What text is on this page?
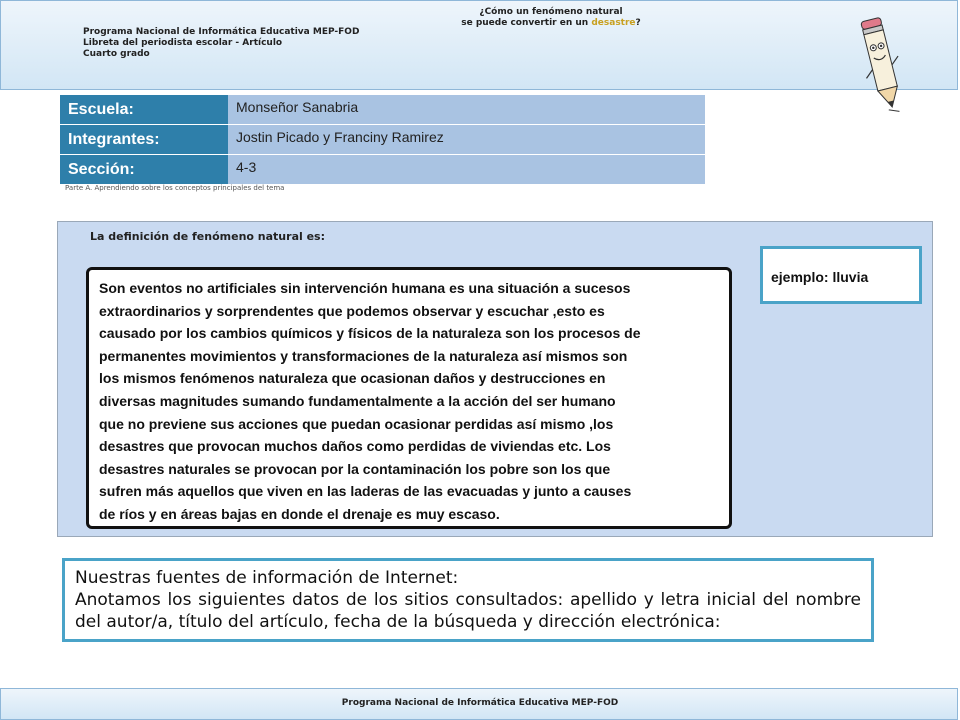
Programa Nacional de Informática Educativa MEP-FOD
Libreta del periodista escolar - Artículo
Cuarto grado
¿Cómo un fenómeno natural
se puede convertir en un desastre?
Escuela:	Monseñor Sanabria
Integrantes:	Jostin Picado y Franciny Ramirez
Sección:	4-3
Parte A. Aprendiendo sobre los conceptos principales del tema
La definición de fenómeno natural es:
Son eventos no artificiales sin intervención humana es una situación a sucesos
extraordinarios y sorprendentes que podemos observar y escuchar ,esto es
causado por los cambios químicos y físicos de la naturaleza son los procesos de
permanentes movimientos y transformaciones de la naturaleza así mismos son
los mismos fenómenos naturaleza que ocasionan daños y destrucciones en
diversas magnitudes sumando fundamentalmente a la acción del ser humano
que no previene sus acciones que puedan ocasionar perdidas así mismo ,los
desastres que provocan muchos daños como perdidas de viviendas etc. Los
desastres naturales se provocan por la contaminación los pobre son los que
sufren más aquellos que viven en las laderas de las evacuadas y junto a causes
de ríos y en áreas bajas en donde el drenaje es muy escaso.
ejemplo: lluvia
Nuestras fuentes de información de Internet:
Anotamos los siguientes datos de los sitios consultados: apellido y letra inicial del nombre del autor/a, título del artículo, fecha de la búsqueda y dirección electrónica:
Programa Nacional de Informática Educativa MEP-FOD
